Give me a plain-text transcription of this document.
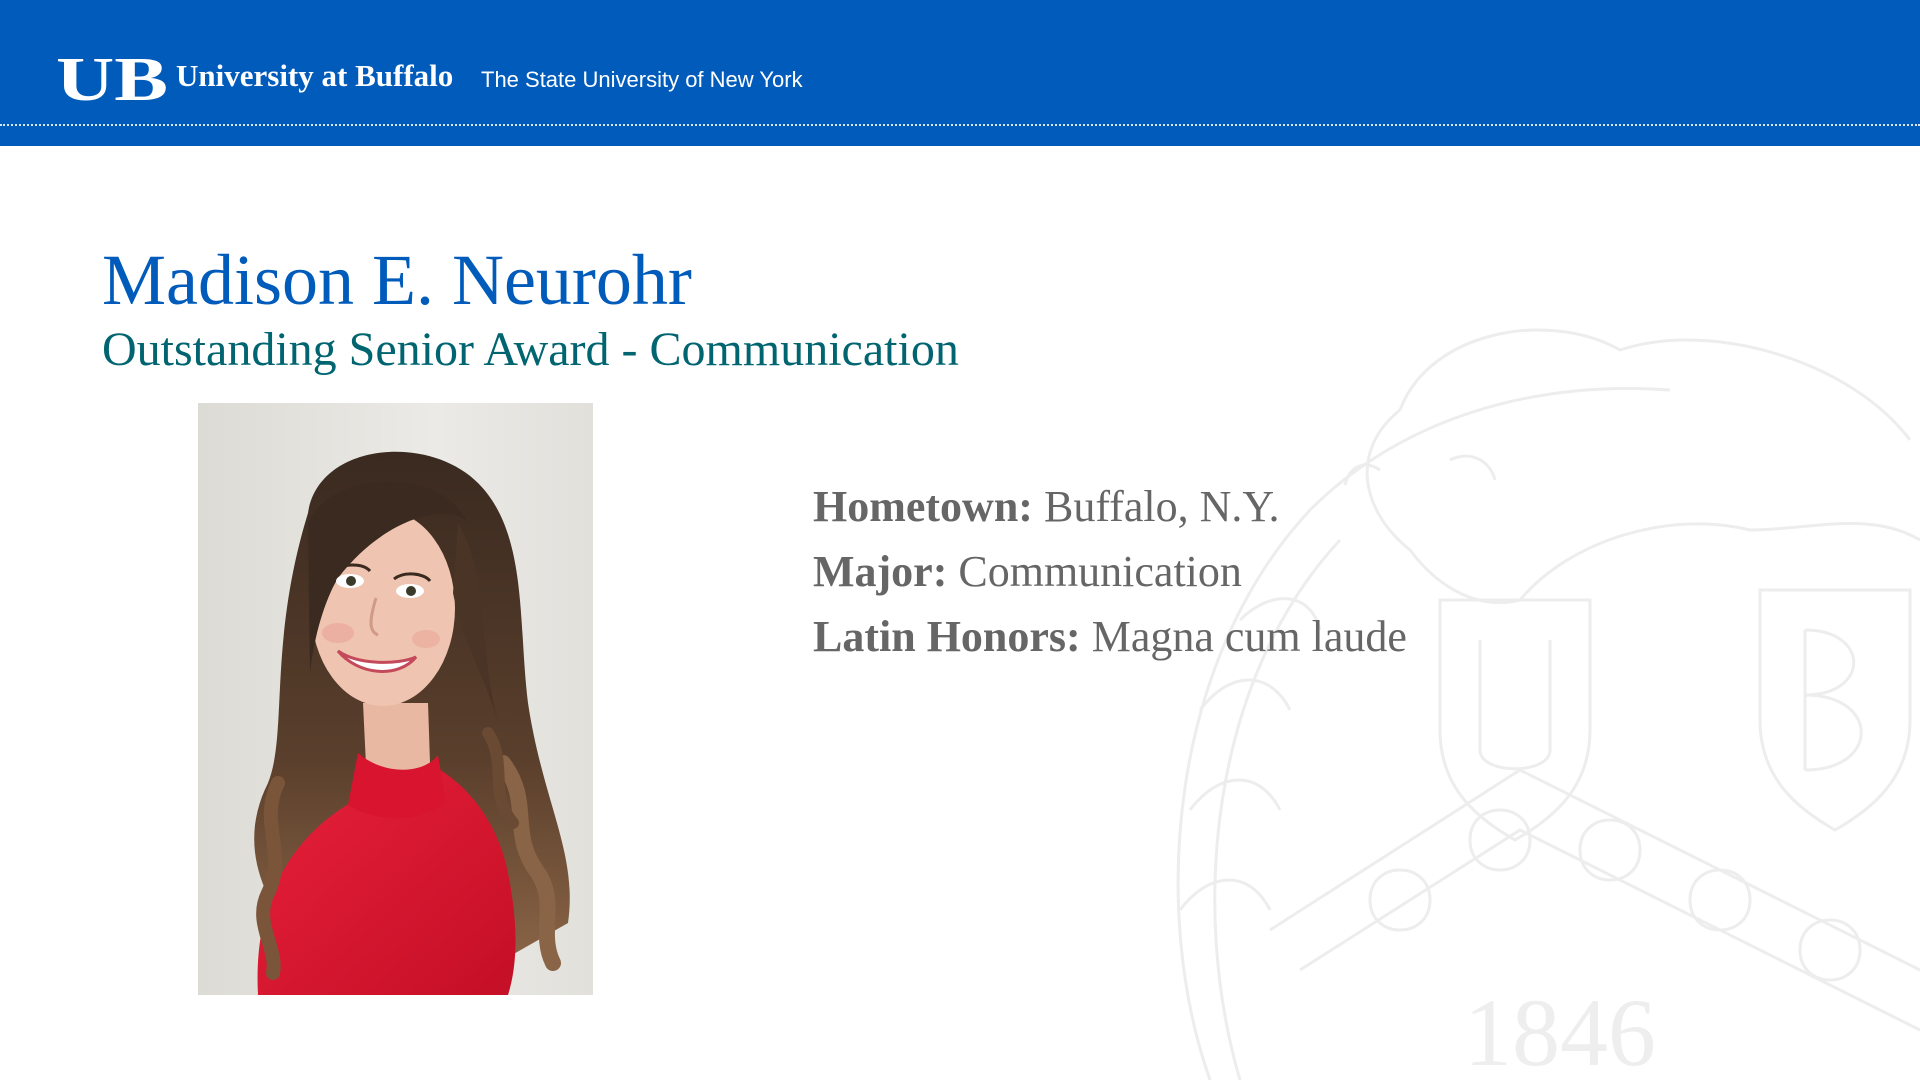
UB University at Buffalo The State University of New York
1846
Madison E. Neurohr
Outstanding Senior Award - Communication
Hometown: Buffalo, N.Y.
Major: Communication
Latin Honors: Magna cum laude
